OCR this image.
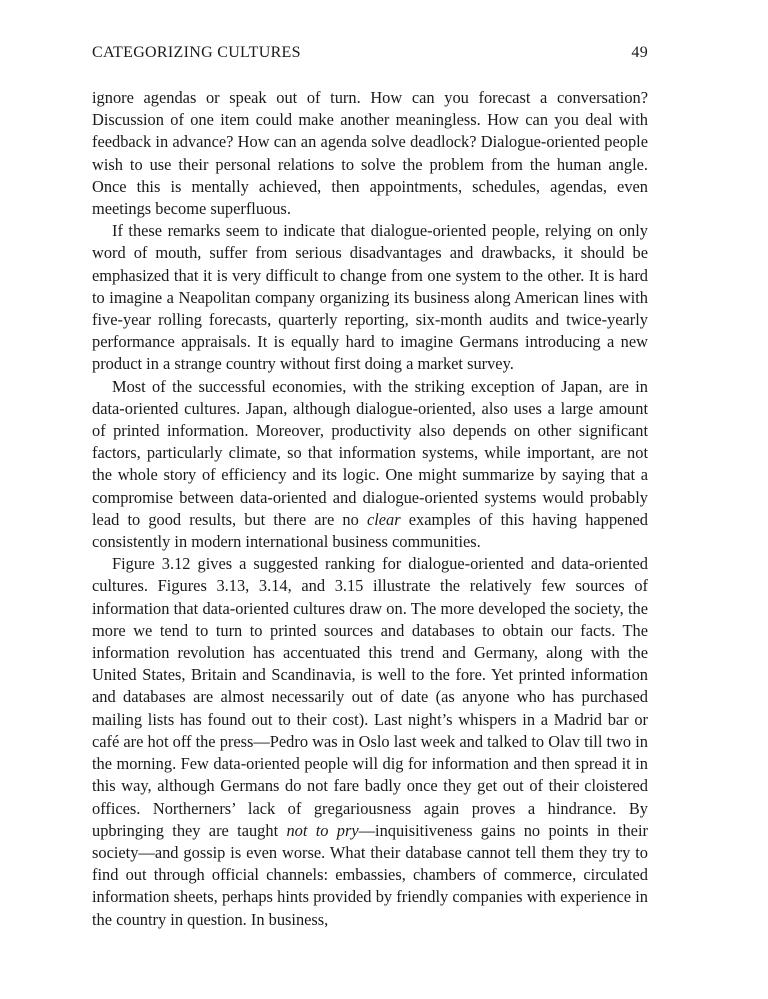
CATEGORIZING CULTURES	49

ignore agendas or speak out of turn. How can you forecast a conversation? Discussion of one item could make another meaningless. How can you deal with feedback in advance? How can an agenda solve deadlock? Dialogue-oriented people wish to use their personal relations to solve the problem from the human angle. Once this is mentally achieved, then appointments, schedules, agendas, even meetings become superfluous.

If these remarks seem to indicate that dialogue-oriented people, relying on only word of mouth, suffer from serious disadvantages and drawbacks, it should be emphasized that it is very difficult to change from one system to the other. It is hard to imagine a Neapolitan company organizing its business along American lines with five-year rolling forecasts, quarterly reporting, six-month audits and twice-yearly performance appraisals. It is equally hard to imagine Germans introducing a new product in a strange country without first doing a market survey.

Most of the successful economies, with the striking exception of Japan, are in data-oriented cultures. Japan, although dialogue-oriented, also uses a large amount of printed information. Moreover, productivity also depends on other significant factors, particularly climate, so that information systems, while important, are not the whole story of efficiency and its logic. One might summarize by saying that a compromise between data-oriented and dialogue-oriented systems would probably lead to good results, but there are no clear examples of this having happened consistently in modern international business communities.

Figure 3.12 gives a suggested ranking for dialogue-oriented and data-oriented cultures. Figures 3.13, 3.14, and 3.15 illustrate the relatively few sources of information that data-oriented cultures draw on. The more developed the society, the more we tend to turn to printed sources and databases to obtain our facts. The information revolution has accentuated this trend and Germany, along with the United States, Britain and Scandinavia, is well to the fore. Yet printed information and databases are almost necessarily out of date (as anyone who has purchased mailing lists has found out to their cost). Last night’s whispers in a Madrid bar or café are hot off the press—Pedro was in Oslo last week and talked to Olav till two in the morning. Few data-oriented people will dig for information and then spread it in this way, although Germans do not fare badly once they get out of their cloistered offices. Northerners’ lack of gregariousness again proves a hindrance. By upbringing they are taught not to pry—inquisitiveness gains no points in their society—and gossip is even worse. What their database cannot tell them they try to find out through official channels: embassies, chambers of commerce, circulated information sheets, perhaps hints provided by friendly companies with experience in the country in question. In business,
